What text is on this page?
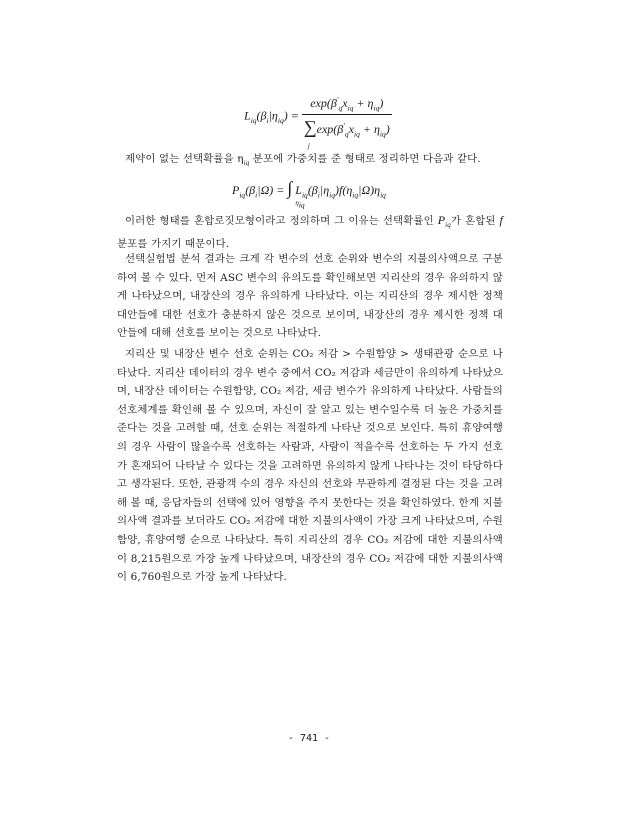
$L_{iq}(\beta_i|\eta_{iq}) = \exp(\beta'_qx_{iq} + \eta_{iq})$
∑
j
$\exp(\beta'_qx_{iq} + \eta_{iq})$
제약이 없는 선택확률을 $\eta_{iq}$ 분포에 가중치를 준 형태로 정리하면 다음과 같다.
$P_{iq}(\beta_i|\Omega)$ = ∫
$\eta_{iq}$
$L_{iq}(\beta_i|\eta_{iq})f(\eta_{iq}|\Omega)\eta_{iq}$
이러한 형태를 혼합로짓모형이라고 정의하며 그 이유는 선택확률인 $P_{iq}$가 혼합된 f 분포를 가지기 때문이다.
선택실험법 분석 결과는 크게 각 변수의 선호 순위와 변수의 지불의사액으로 구분하여 볼 수 있다. 먼저 ASC 변수의 유의도를 확인해보면 지리산의 경우 유의하지 않게 나타났으며, 내장산의 경우 유의하게 나타났다. 이는 지리산의 경우 제시한 정책 대안들에 대한 선호가 충분하지 않은 것으로 보이며, 내장산의 경우 제시한 정책 대안들에 대해 선호를 보이는 것으로 나타났다.
지리산 및 내장산 변수 선호 순위는 CO₂ 저감 > 수원함양 > 생태관광 순으로 나타났다. 지리산 데이터의 경우 변수 중에서 CO₂ 저감과 세금만이 유의하게 나타났으며, 내장산 데이터는 수원함양, CO₂ 저감, 세금 변수가 유의하게 나타났다. 사람들의 선호체계를 확인해 볼 수 있으며, 자신이 잘 알고 있는 변수일수록 더 높은 가중치를 준다는 것을 고려할 때, 선호 순위는 적절하게 나타난 것으로 보인다. 특히 휴양여행의 경우 사람이 많을수록 선호하는 사람과, 사람이 적을수록 선호하는 두 가지 선호가 혼재되어 나타날 수 있다는 것을 고려하면 유의하지 않게 나타나는 것이 타당하다고 생각된다. 또한, 관광객 수의 경우 자신의 선호와 무관하게 결정된 다는 것을 고려해 볼 때, 응답자들의 선택에 있어 영향을 주지 못한다는 것을 확인하였다. 한계 지불의사액 결과를 보더라도 CO₂ 저감에 대한 지불의사액이 가장 크게 나타났으며, 수원함양, 휴양여행 순으로 나타났다. 특히 지리산의 경우 CO₂ 저감에 대한 지불의사액이 8,215원으로 가장 높게 나타났으며, 내장산의 경우 CO₂ 저감에 대한 지불의사액이 6,760원으로 가장 높게 나타났다.
- 741 -
